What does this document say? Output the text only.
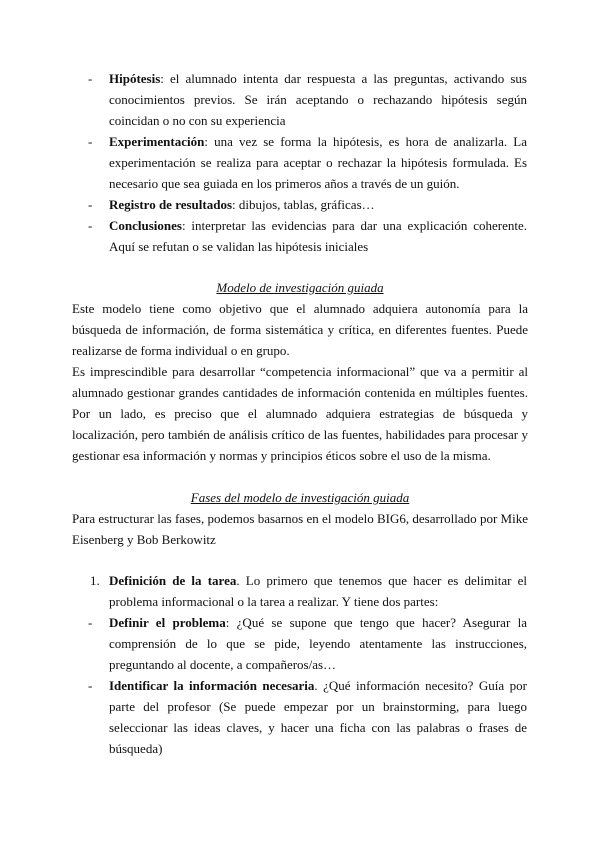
- Hipótesis: el alumnado intenta dar respuesta a las preguntas, activando sus conocimientos previos. Se irán aceptando o rechazando hipótesis según coincidan o no con su experiencia
- Experimentación: una vez se forma la hipótesis, es hora de analizarla. La experimentación se realiza para aceptar o rechazar la hipótesis formulada. Es necesario que sea guiada en los primeros años a través de un guión.
- Registro de resultados: dibujos, tablas, gráficas…
- Conclusiones: interpretar las evidencias para dar una explicación coherente. Aquí se refutan o se validan las hipótesis iniciales
Modelo de investigación guiada
Este modelo tiene como objetivo que el alumnado adquiera autonomía para la búsqueda de información, de forma sistemática y crítica, en diferentes fuentes. Puede realizarse de forma individual o en grupo.
Es imprescindible para desarrollar “competencia informacional” que va a permitir al alumnado gestionar grandes cantidades de información contenida en múltiples fuentes. Por un lado, es preciso que el alumnado adquiera estrategias de búsqueda y localización, pero también de análisis crítico de las fuentes, habilidades para procesar y gestionar esa información y normas y principios éticos sobre el uso de la misma.
Fases del modelo de investigación guiada
Para estructurar las fases, podemos basarnos en el modelo BIG6, desarrollado por Mike Eisenberg y Bob Berkowitz
1. Definición de la tarea. Lo primero que tenemos que hacer es delimitar el problema informacional o la tarea a realizar. Y tiene dos partes:
- Definir el problema: ¿Qué se supone que tengo que hacer? Asegurar la comprensión de lo que se pide, leyendo atentamente las instrucciones, preguntando al docente, a compañeros/as…
- Identificar la información necesaria. ¿Qué información necesito? Guía por parte del profesor (Se puede empezar por un brainstorming, para luego seleccionar las ideas claves, y hacer una ficha con las palabras o frases de búsqueda)
